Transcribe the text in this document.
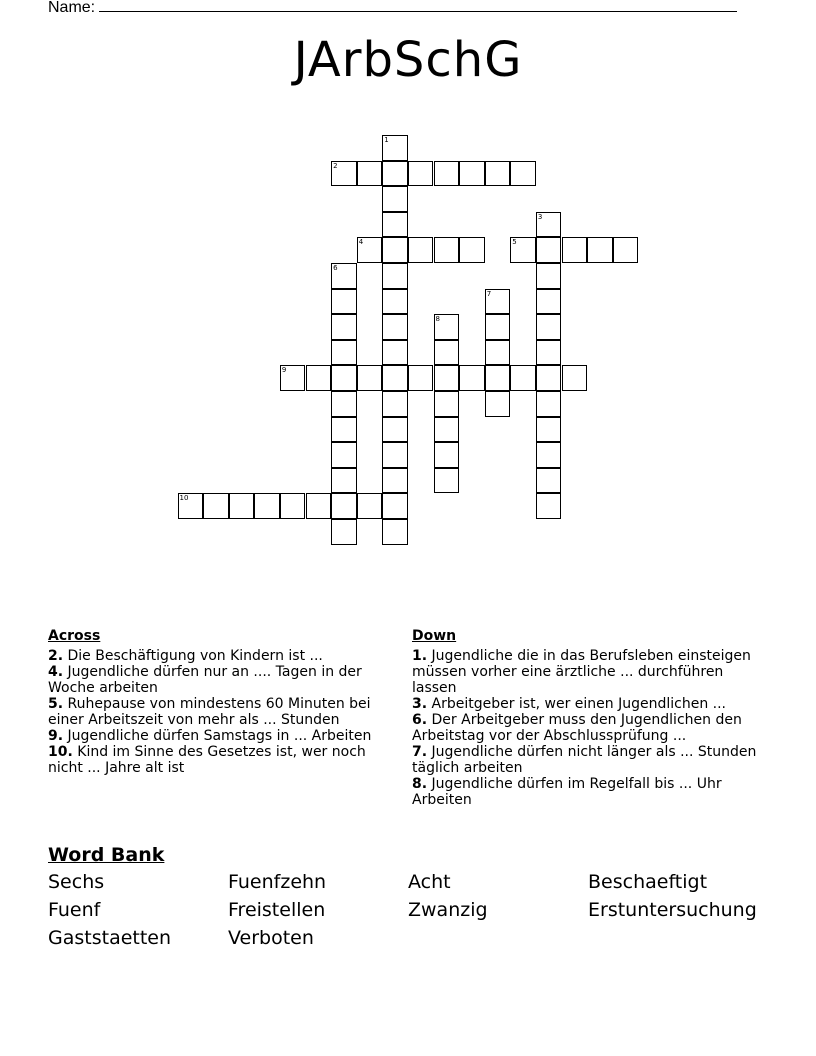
Name:
JArbSchG
1
2
3
4	5
6
7
8
9
10
Across
2. Die Beschäftigung von Kindern ist ...
4. Jugendliche dürfen nur an .... Tagen in der Woche arbeiten
5. Ruhepause von mindestens 60 Minuten bei einer Arbeitszeit von mehr als ... Stunden
9. Jugendliche dürfen Samstags in ... Arbeiten
10. Kind im Sinne des Gesetzes ist, wer noch nicht ... Jahre alt ist
Down
1. Jugendliche die in das Berufsleben einsteigen müssen vorher eine ärztliche ... durchführen lassen
3. Arbeitgeber ist, wer einen Jugendlichen ...
6. Der Arbeitgeber muss den Jugendlichen den Arbeitstag vor der Abschlussprüfung ...
7. Jugendliche dürfen nicht länger als ... Stunden täglich arbeiten
8. Jugendliche dürfen im Regelfall bis ... Uhr Arbeiten
Word Bank
Sechs	Fuenfzehn	Acht	Beschaeftigt
Fuenf	Freistellen	Zwanzig	Erstuntersuchung
Gaststaetten	Verboten
